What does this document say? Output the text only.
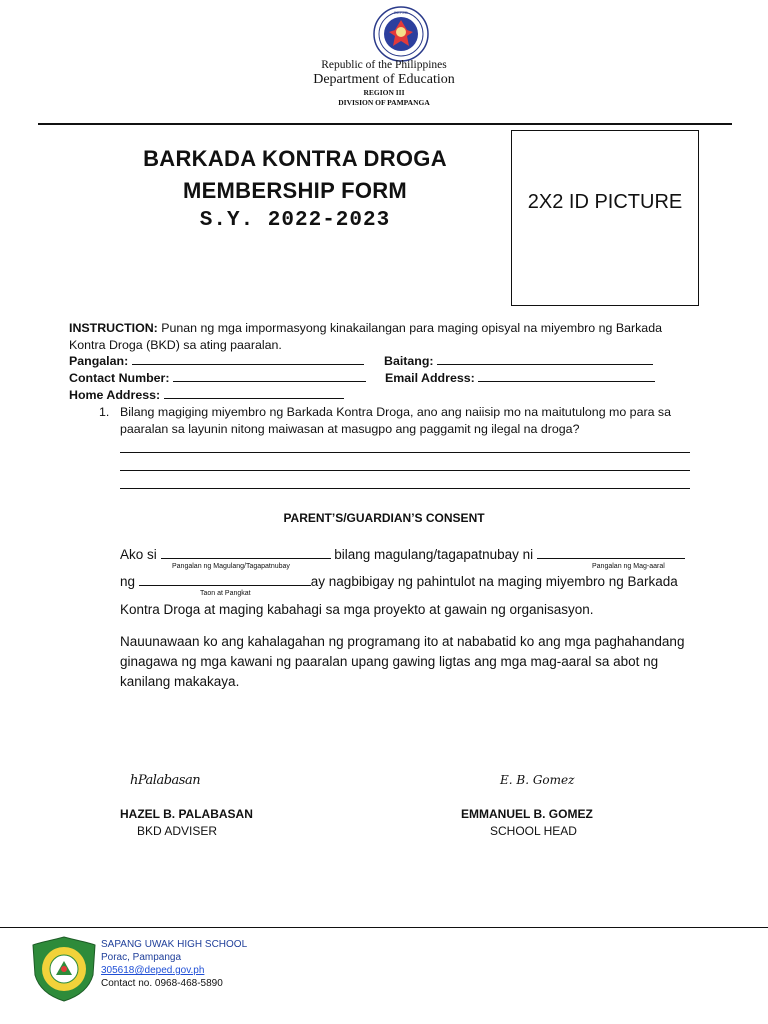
DEPED
Republic of the Philippines
Department of Education
REGION III
DIVISION OF PAMPANGA
BARKADA KONTRA DROGA
MEMBERSHIP FORM
S.Y. 2022-2023
2X2 ID PICTURE
INSTRUCTION: Punan ng mga impormasyong kinakailangan para maging opisyal na miyembro ng Barkada Kontra Droga (BKD) sa ating paaralan.
Pangalan:	Baitang:
Contact Number:	Email Address:
Home Address:
1. Bilang magiging miyembro ng Barkada Kontra Droga, ano ang naiisip mo na maitutulong mo para sa paaralan sa layunin nitong maiwasan at masugpo ang paggamit ng ilegal na droga?
PARENT’S/GUARDIAN’S CONSENT
Ako si	bilang magulang/tagapatnubay ni
Pangalan ng Magulang/Tagapatnubay	Pangalan ng Mag-aaral
ng	ay nagbibigay ng pahintulot na maging miyembro ng Barkada
Taon at Pangkat
Kontra Droga at maging kabahagi sa mga proyekto at gawain ng organisasyon.
Nauunawaan ko ang kahalagahan ng programang ito at nababatid ko ang mga paghahandang ginagawa ng mga kawani ng paaralan upang gawing ligtas ang mga mag-aaral sa abot ng kanilang makakaya.
hPalabasan	E. B. Gomez
HAZEL B. PALABASAN
BKD ADVISER
EMMANUEL B. GOMEZ
SCHOOL HEAD
SAPANG UWAK HIGH SCHOOL
Porac, Pampanga
305618@deped.gov.ph
Contact no. 0968-468-5890
